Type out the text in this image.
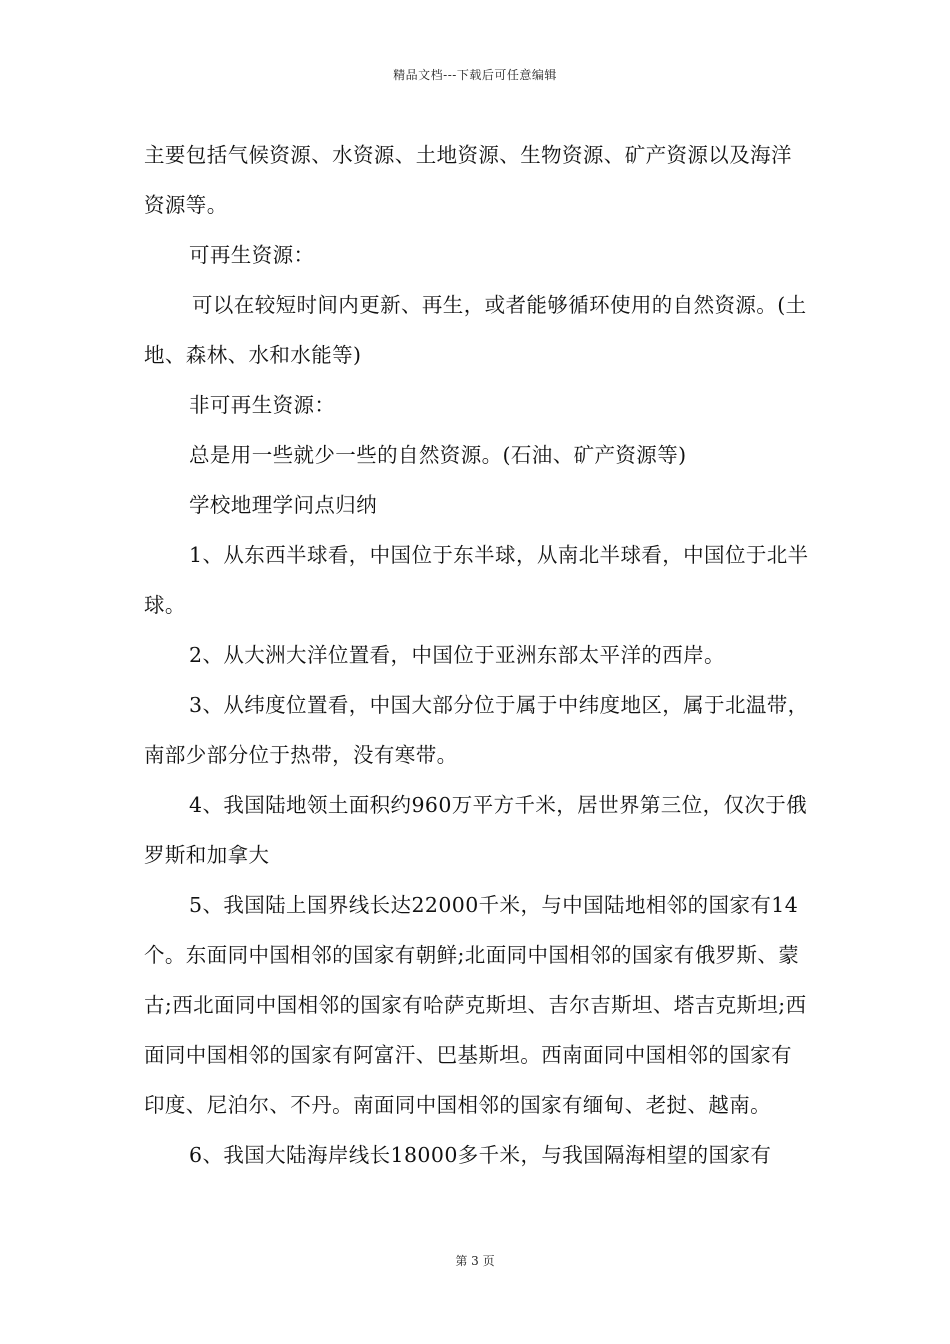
精品文档---下载后可任意编辑

主要包括气候资源、水资源、土地资源、生物资源、矿产资源以及海洋资源等。

可再生资源：

可以在较短时间内更新、再生，或者能够循环使用的自然资源。(土地、森林、水和水能等)

非可再生资源：

总是用一些就少一些的自然资源。(石油、矿产资源等)

学校地理学问点归纳

1、从东西半球看，中国位于东半球，从南北半球看，中国位于北半球。

2、从大洲大洋位置看，中国位于亚洲东部太平洋的西岸。

3、从纬度位置看，中国大部分位于属于中纬度地区，属于北温带，南部少部分位于热带，没有寒带。

4、我国陆地领土面积约960万平方千米，居世界第三位，仅次于俄罗斯和加拿大

5、我国陆上国界线长达22000千米，与中国陆地相邻的国家有14个。东面同中国相邻的国家有朝鲜;北面同中国相邻的国家有俄罗斯、蒙古;西北面同中国相邻的国家有哈萨克斯坦、吉尔吉斯坦、塔吉克斯坦;西面同中国相邻的国家有阿富汗、巴基斯坦。西南面同中国相邻的国家有印度、尼泊尔、不丹。南面同中国相邻的国家有缅甸、老挝、越南。

6、我国大陆海岸线长18000多千米，与我国隔海相望的国家有

第 3 页
